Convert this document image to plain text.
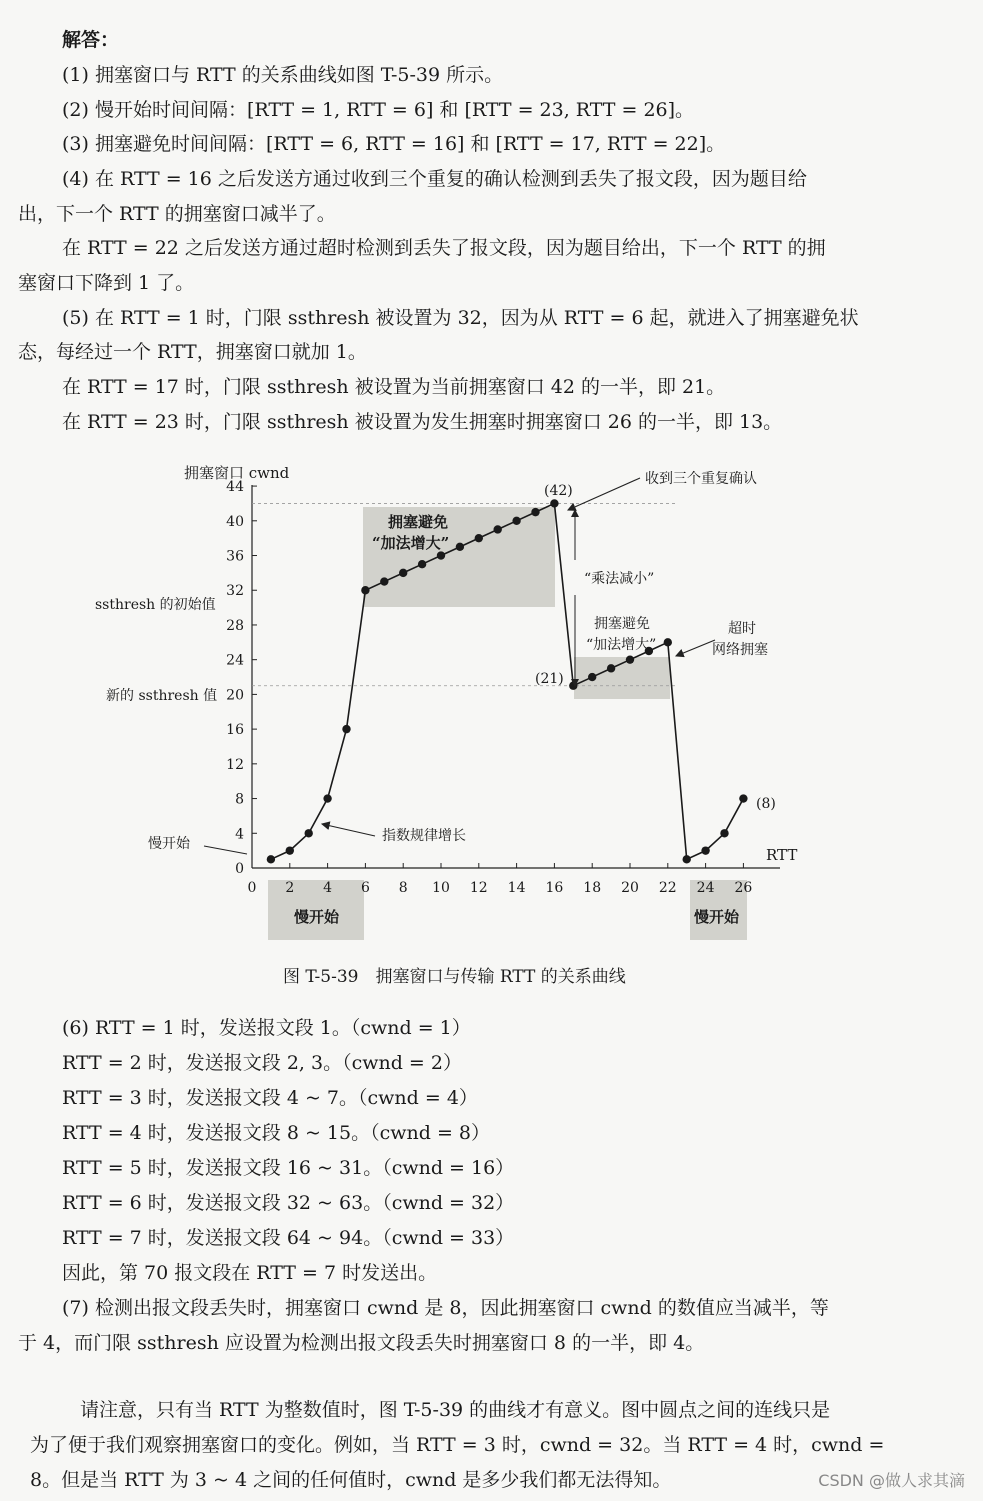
解答：
(1) 拥塞窗口与 RTT 的关系曲线如图 T-5-39 所示。
(2) 慢开始时间间隔：[RTT = 1, RTT = 6] 和 [RTT = 23, RTT = 26]。
(3) 拥塞避免时间间隔：[RTT = 6, RTT = 16] 和 [RTT = 17, RTT = 22]。
(4) 在 RTT = 16 之后发送方通过收到三个重复的确认检测到丢失了报文段，因为题目给
出，下一个 RTT 的拥塞窗口减半了。
在 RTT = 22 之后发送方通过超时检测到丢失了报文段，因为题目给出，下一个 RTT 的拥
塞窗口下降到 1 了。
(5) 在 RTT = 1 时，门限 ssthresh 被设置为 32，因为从 RTT = 6 起，就进入了拥塞避免状
态，每经过一个 RTT，拥塞窗口就加 1。
在 RTT = 17 时，门限 ssthresh 被设置为当前拥塞窗口 42 的一半，即 21。
在 RTT = 23 时，门限 ssthresh 被设置为发生拥塞时拥塞窗口 26 的一半，即 13。
0 2 4 6 8 10 12 14 16 18 20 22 24 26
0
4
8
12
16
20
24
28
32
36
40
44
拥塞窗口 cwnd
RTT
ssthresh 的初始值
新的 ssthresh 值
拥塞避免
“加法增大”
(42)
收到三个重复确认
“乘法减小”
拥塞避免
“加法增大”
超时
网络拥塞
(21)
(8)
指数规律增长
慢开始
慢开始	慢开始
图 T-5-39　拥塞窗口与传输 RTT 的关系曲线
(6) RTT = 1 时，发送报文段 1。（cwnd = 1）
RTT = 2 时，发送报文段 2, 3。（cwnd = 2）
RTT = 3 时，发送报文段 4 ~ 7。（cwnd = 4）
RTT = 4 时，发送报文段 8 ~ 15。（cwnd = 8）
RTT = 5 时，发送报文段 16 ~ 31。（cwnd = 16）
RTT = 6 时，发送报文段 32 ~ 63。（cwnd = 32）
RTT = 7 时，发送报文段 64 ~ 94。（cwnd = 33）
因此，第 70 报文段在 RTT = 7 时发送出。
(7) 检测出报文段丢失时，拥塞窗口 cwnd 是 8，因此拥塞窗口 cwnd 的数值应当减半，等
于 4，而门限 ssthresh 应设置为检测出报文段丢失时拥塞窗口 8 的一半，即 4。
请注意，只有当 RTT 为整数值时，图 T-5-39 的曲线才有意义。图中圆点之间的连线只是
为了便于我们观察拥塞窗口的变化。例如，当 RTT = 3 时，cwnd = 32。当 RTT = 4 时，cwnd =
8。但是当 RTT 为 3 ~ 4 之间的任何值时，cwnd 是多少我们都无法得知。	CSDN @做人求其滴
